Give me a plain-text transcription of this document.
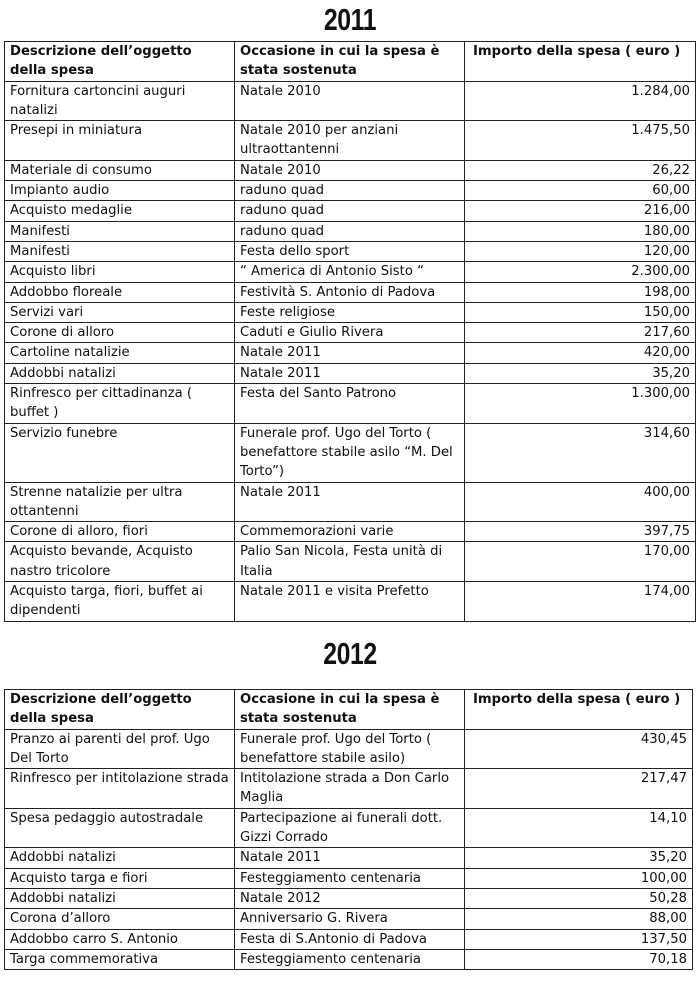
2011
Descrizione dell’oggetto della spesa	Occasione in cui la spesa è stata sostenuta	Importo della spesa ( euro )
Fornitura cartoncini auguri natalizi	Natale 2010	1.284,00
Presepi in miniatura	Natale 2010 per anziani ultraottantenni	1.475,50
Materiale di consumo	Natale 2010	26,22
Impianto audio	raduno quad	60,00
Acquisto medaglie	raduno quad	216,00
Manifesti	raduno quad	180,00
Manifesti	Festa dello sport	120,00
Acquisto libri	“ America di Antonio Sisto “	2.300,00
Addobbo floreale	Festività S. Antonio di Padova	198,00
Servizi vari	Feste religiose	150,00
Corone di alloro	Caduti e Giulio Rivera	217,60
Cartoline natalizie	Natale 2011	420,00
Addobbi natalizi	Natale 2011	35,20
Rinfresco per cittadinanza ( buffet )	Festa del Santo Patrono	1.300,00
Servizio funebre	Funerale prof. Ugo del Torto ( benefattore stabile asilo “M. Del Torto”)	314,60
Strenne natalizie per ultra ottantenni	Natale 2011	400,00
Corone di alloro, fiori	Commemorazioni varie	397,75
Acquisto bevande, Acquisto nastro tricolore	Palio San Nicola, Festa unità di Italia	170,00
Acquisto targa, fiori, buffet ai dipendenti	Natale 2011 e visita Prefetto	174,00
2012
Descrizione dell’oggetto della spesa	Occasione in cui la spesa è stata sostenuta	Importo della spesa ( euro )
Pranzo ai parenti del prof. Ugo Del Torto	Funerale prof. Ugo del Torto ( benefattore stabile asilo)	430,45
Rinfresco per intitolazione strada	Intitolazione strada a Don Carlo Maglia	217,47
Spesa pedaggio autostradale	Partecipazione ai funerali dott. Gizzi Corrado	14,10
Addobbi natalizi	Natale 2011	35,20
Acquisto targa e fiori	Festeggiamento centenaria	100,00
Addobbi natalizi	Natale 2012	50,28
Corona d’alloro	Anniversario G. Rivera	88,00
Addobbo carro S. Antonio	Festa di S.Antonio di Padova	137,50
Targa commemorativa	Festeggiamento centenaria	70,18
